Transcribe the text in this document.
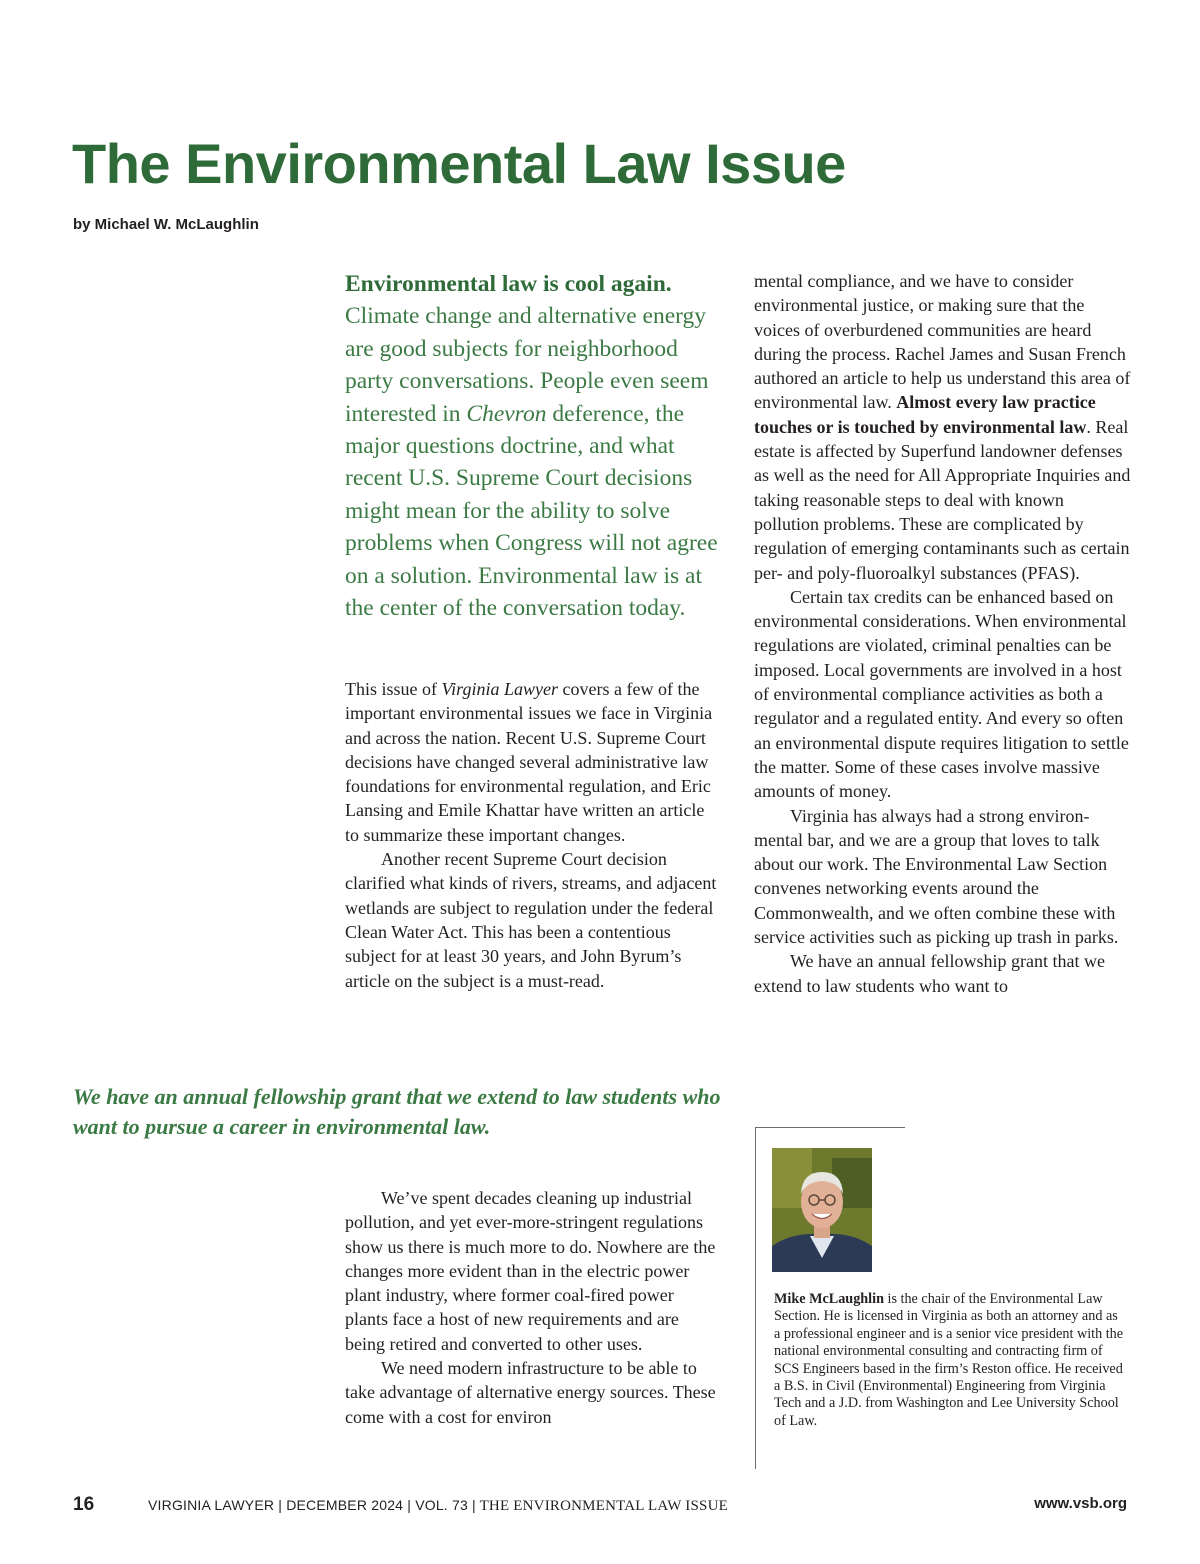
The Environmental Law Issue
by Michael W. McLaughlin

Environmental law is cool again. Climate change and alternative energy are good subjects for neighborhood party conversations. People even seem interested in Chevron deference, the major questions doctrine, and what recent U.S. Supreme Court decisions might mean for the ability to solve problems when Congress will not agree on a solution. Environmental law is at the center of the conversation today.

This issue of Virginia Lawyer covers a few of the important environmental issues we face in Virginia and across the nation. Recent U.S. Supreme Court decisions have changed several administrative law foundations for environmental regulation, and Eric Lansing and Emile Khattar have written an article to summarize these important changes.

Another recent Supreme Court decision clarified what kinds of rivers, streams, and adjacent wetlands are subject to regulation under the federal Clean Water Act. This has been a contentious subject for at least 30 years, and John Byrum’s article on the subject is a must-read.

We have an annual fellowship grant that we extend to law students who want to pursue a career in environmental law.

We’ve spent decades cleaning up industrial pollution, and yet ever-more-stringent regulations show us there is much more to do. Nowhere are the changes more evident than in the electric power plant industry, where former coal-fired power plants face a host of new requirements and are being retired and converted to other uses.

We need modern infrastructure to be able to take advantage of alternative energy sources. These come with a cost for environ

mental compliance, and we have to consider environmental justice, or making sure that the voices of overburdened communities are heard during the process. Rachel James and Susan French authored an article to help us understand this area of environmental law. Almost every law practice touches or is touched by environmental law. Real estate is affected by Superfund landowner defenses as well as the need for All Appropriate Inquiries and taking reasonable steps to deal with known pollution problems. These are complicated by regulation of emerging contaminants such as certain per- and poly-fluoroalkyl substances (PFAS).

Certain tax credits can be enhanced based on environmental considerations. When environmental regulations are violated, criminal penalties can be imposed. Local governments are involved in a host of environmental compliance activities as both a regulator and a regulated entity. And every so often an environmental dispute requires litigation to settle the matter. Some of these cases involve massive amounts of money.

Virginia has always had a strong environmental bar, and we are a group that loves to talk about our work. The Environmental Law Section convenes networking events around the Commonwealth, and we often combine these with service activities such as picking up trash in parks.

We have an annual fellowship grant that we extend to law students who want to

Mike McLaughlin is the chair of the Environmental Law Section. He is licensed in Virginia as both an attorney and as a professional engineer and is a senior vice president with the national environmental consulting and contracting firm of SCS Engineers based in the firm’s Reston office. He received a B.S. in Civil (Environmental) Engineering from Virginia Tech and a J.D. from Washington and Lee University School of Law.

16	VIRGINIA LAWYER | DECEMBER 2024 | VOL. 73 | THE ENVIRONMENTAL LAW ISSUE	www.vsb.org
